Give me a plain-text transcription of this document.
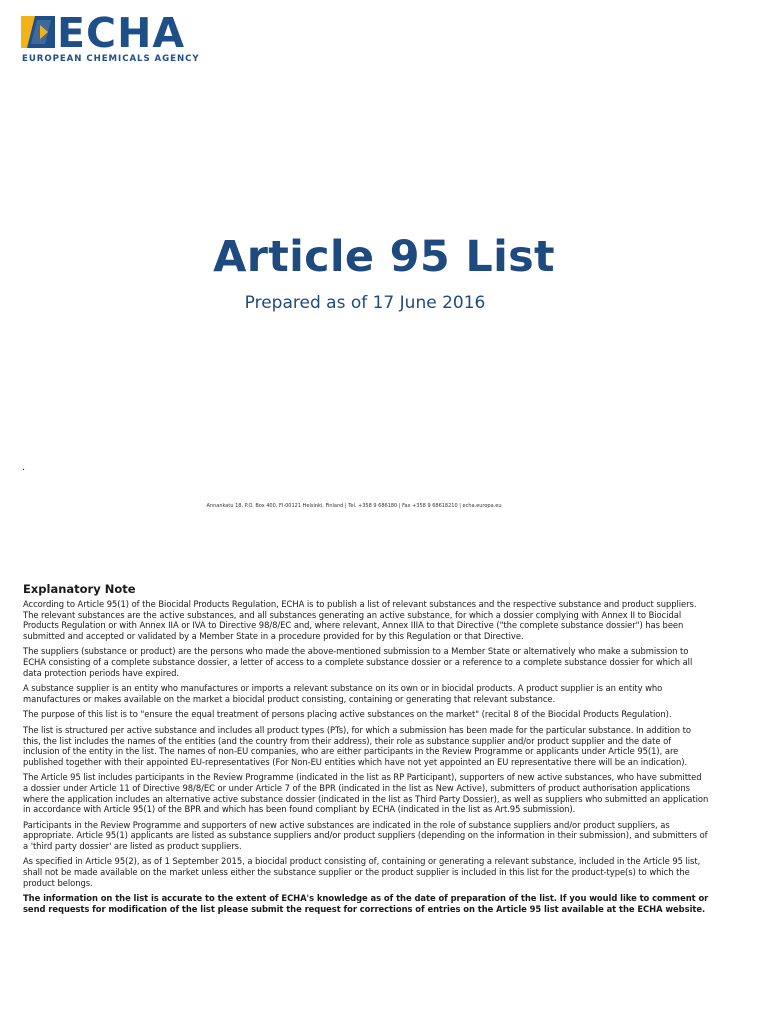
ECHA
EUROPEAN CHEMICALS AGENCY
Article 95 List
Prepared as of 17 June 2016
.
Annankatu 18, P.O. Box 400, FI-00121 Helsinki, Finland | Tel. +358 9 686180 | Fax +358 9 68618210 | echa.europa.eu
Explanatory Note

According to Article 95(1) of the Biocidal Products Regulation, ECHA is to publish a list of relevant substances and the respective substance and product suppliers. The relevant substances are the active substances, and all substances generating an active substance, for which a dossier complying with Annex II to Biocidal Products Regulation or with Annex IIA or IVA to Directive 98/8/EC and, where relevant, Annex IIIA to that Directive ("the complete substance dossier") has been submitted and accepted or validated by a Member State in a procedure provided for by this Regulation or that Directive.

The suppliers (substance or product) are the persons who made the above-mentioned submission to a Member State or alternatively who make a submission to ECHA consisting of a complete substance dossier, a letter of access to a complete substance dossier or a reference to a complete substance dossier for which all data protection periods have expired.

A substance supplier is an entity who manufactures or imports a relevant substance on its own or in biocidal products. A product supplier is an entity who manufactures or makes available on the market a biocidal product consisting, containing or generating that relevant substance.

The purpose of this list is to "ensure the equal treatment of persons placing active substances on the market" (recital 8 of the Biocidal Products Regulation).

The list is structured per active substance and includes all product types (PTs), for which a submission has been made for the particular substance. In addition to this, the list includes the names of the entities (and the country from their address), their role as substance supplier and/or product supplier and the date of inclusion of the entity in the list. The names of non-EU companies, who are either participants in the Review Programme or applicants under Article 95(1), are published together with their appointed EU-representatives (For Non-EU entities which have not yet appointed an EU representative there will be an indication).

The Article 95 list includes participants in the Review Programme (indicated in the list as RP Participant), supporters of new active substances, who have submitted a dossier under Article 11 of Directive 98/8/EC or under Article 7 of the BPR (indicated in the list as New Active), submitters of product authorisation applications where the application includes an alternative active substance dossier (indicated in the list as Third Party Dossier), as well as suppliers who submitted an application in accordance with Article 95(1) of the BPR and which has been found compliant by ECHA (indicated in the list as Art.95 submission).

Participants in the Review Programme and supporters of new active substances are indicated in the role of substance suppliers and/or product suppliers, as appropriate. Article 95(1) applicants are listed as substance suppliers and/or product suppliers (depending on the information in their submission), and submitters of a 'third party dossier' are listed as product suppliers.

As specified in Article 95(2), as of 1 September 2015, a biocidal product consisting of, containing or generating a relevant substance, included in the Article 95 list, shall not be made available on the market unless either the substance supplier or the product supplier is included in this list for the product-type(s) to which the product belongs.

The information on the list is accurate to the extent of ECHA's knowledge as of the date of preparation of the list. If you would like to comment or send requests for modification of the list please submit the request for corrections of entries on the Article 95 list available at the ECHA website.
